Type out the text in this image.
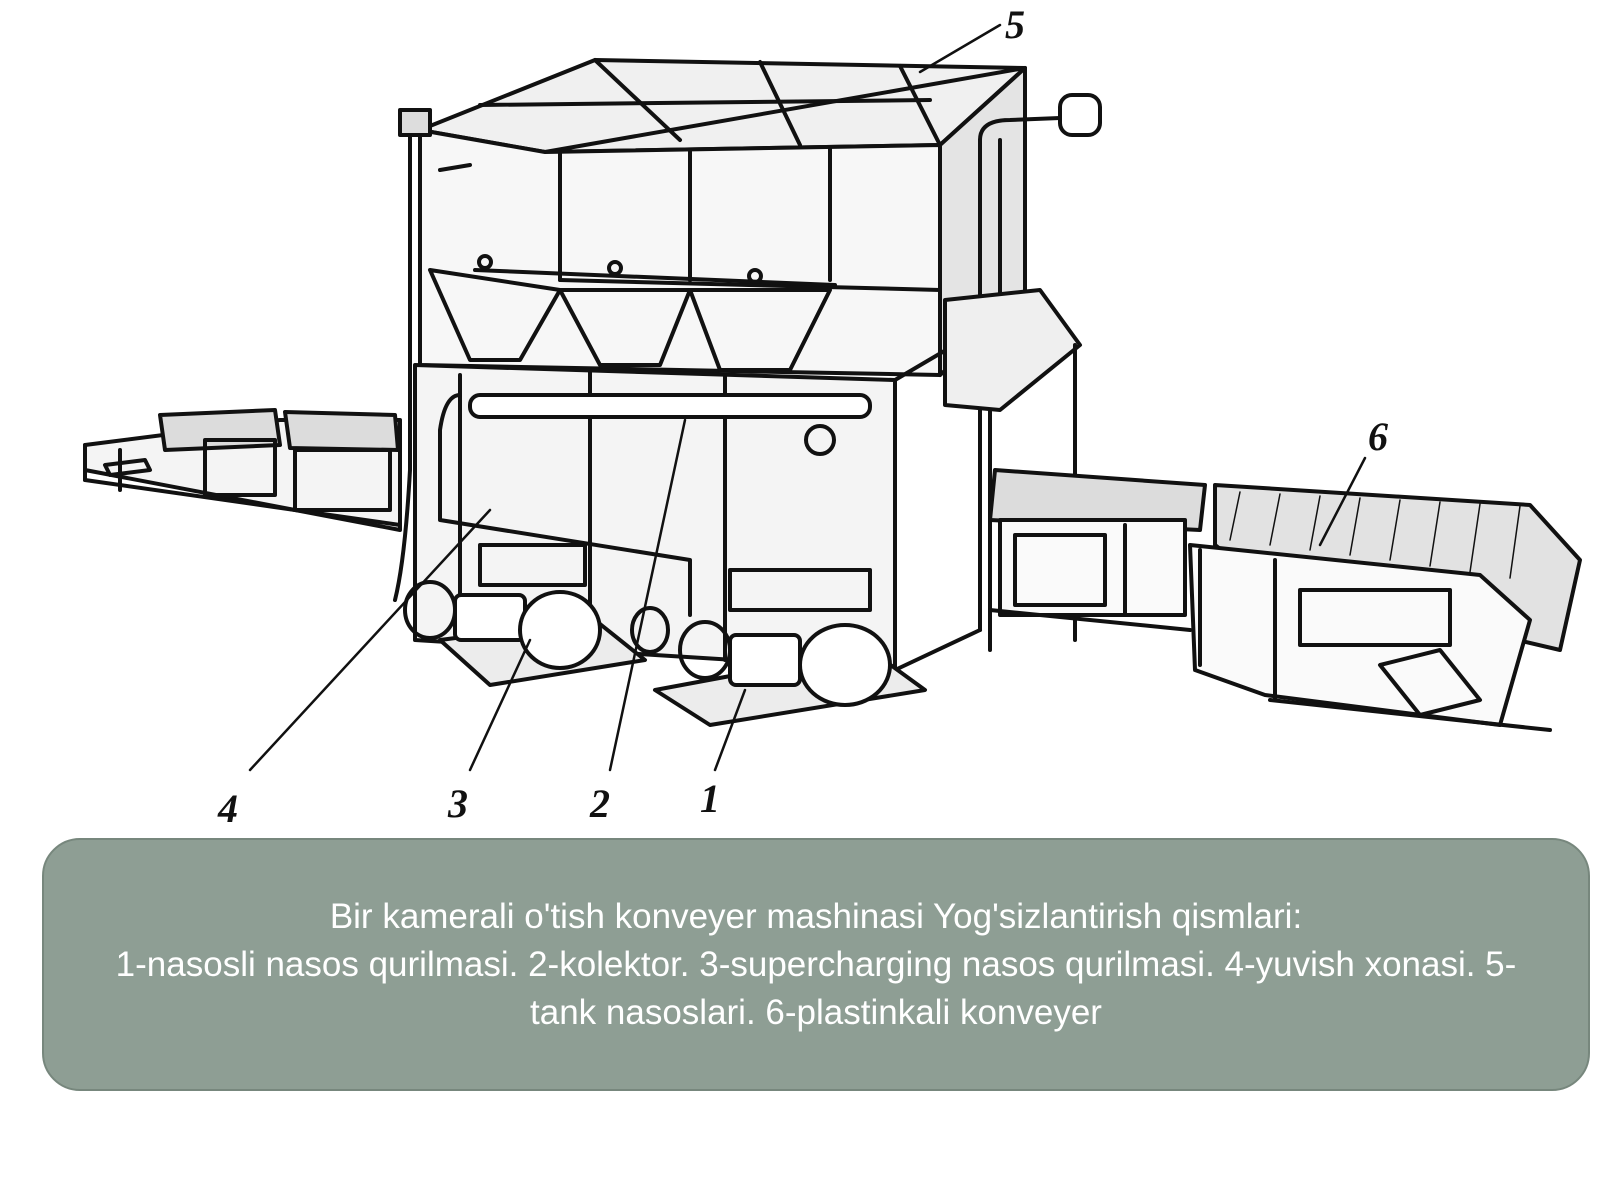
1
2
3
4
5
6
Bir kamerali o'tish konveyer mashinasi Yog'sizlantirish qismlari:
1-nasosli nasos qurilmasi. 2-kolektor. 3-supercharging nasos qurilmasi. 4-yuvish xonasi. 5-tank nasoslari. 6-plastinkali konveyer
